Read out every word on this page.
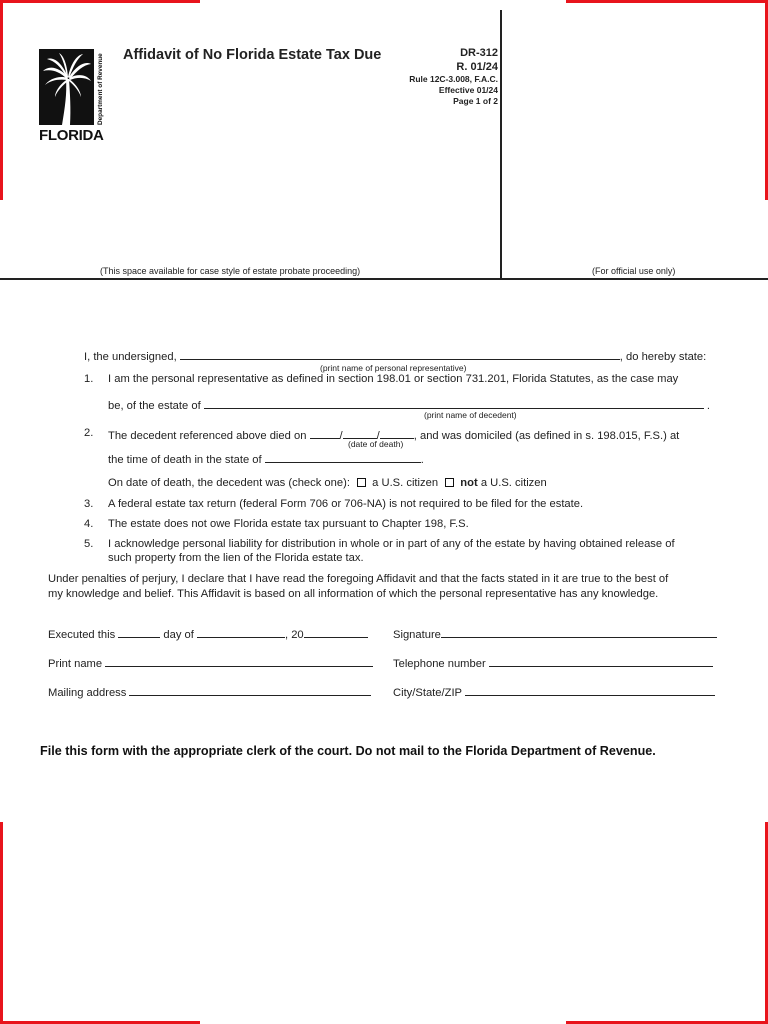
Department of Revenue
FLORIDA
Affidavit of No Florida Estate Tax Due	DR-312
R. 01/24
Rule 12C-3.008, F.A.C.
Effective 01/24
Page 1 of 2
(This space available for case style of estate probate proceeding)	(For official use only)
I, the undersigned,	, do hereby state:
(print name of personal representative)
1. I am the personal representative as defined in section 198.01 or section 731.201, Florida Statutes, as the case may
be, of the estate of	.
(print name of decedent)
2. The decedent referenced above died on	/	/	, and was domiciled (as defined in s. 198.015, F.S.) at
(date of death)
the time of death in the state of	.
On date of death, the decedent was (check one): a U.S. citizen not a U.S. citizen
3. A federal estate tax return (federal Form 706 or 706-NA) is not required to be filed for the estate.
4. The estate does not owe Florida estate tax pursuant to Chapter 198, F.S.
5. I acknowledge personal liability for distribution in whole or in part of any of the estate by having obtained release of
such property from the lien of the Florida estate tax.
Under penalties of perjury, I declare that I have read the foregoing Affidavit and that the facts stated in it are true to the best of
my knowledge and belief. This Affidavit is based on all information of which the personal representative has any knowledge.
Executed this	day of	, 20	Signature
Print name	Telephone number
Mailing address	City/State/ZIP
File this form with the appropriate clerk of the court. Do not mail to the Florida Department of Revenue.
